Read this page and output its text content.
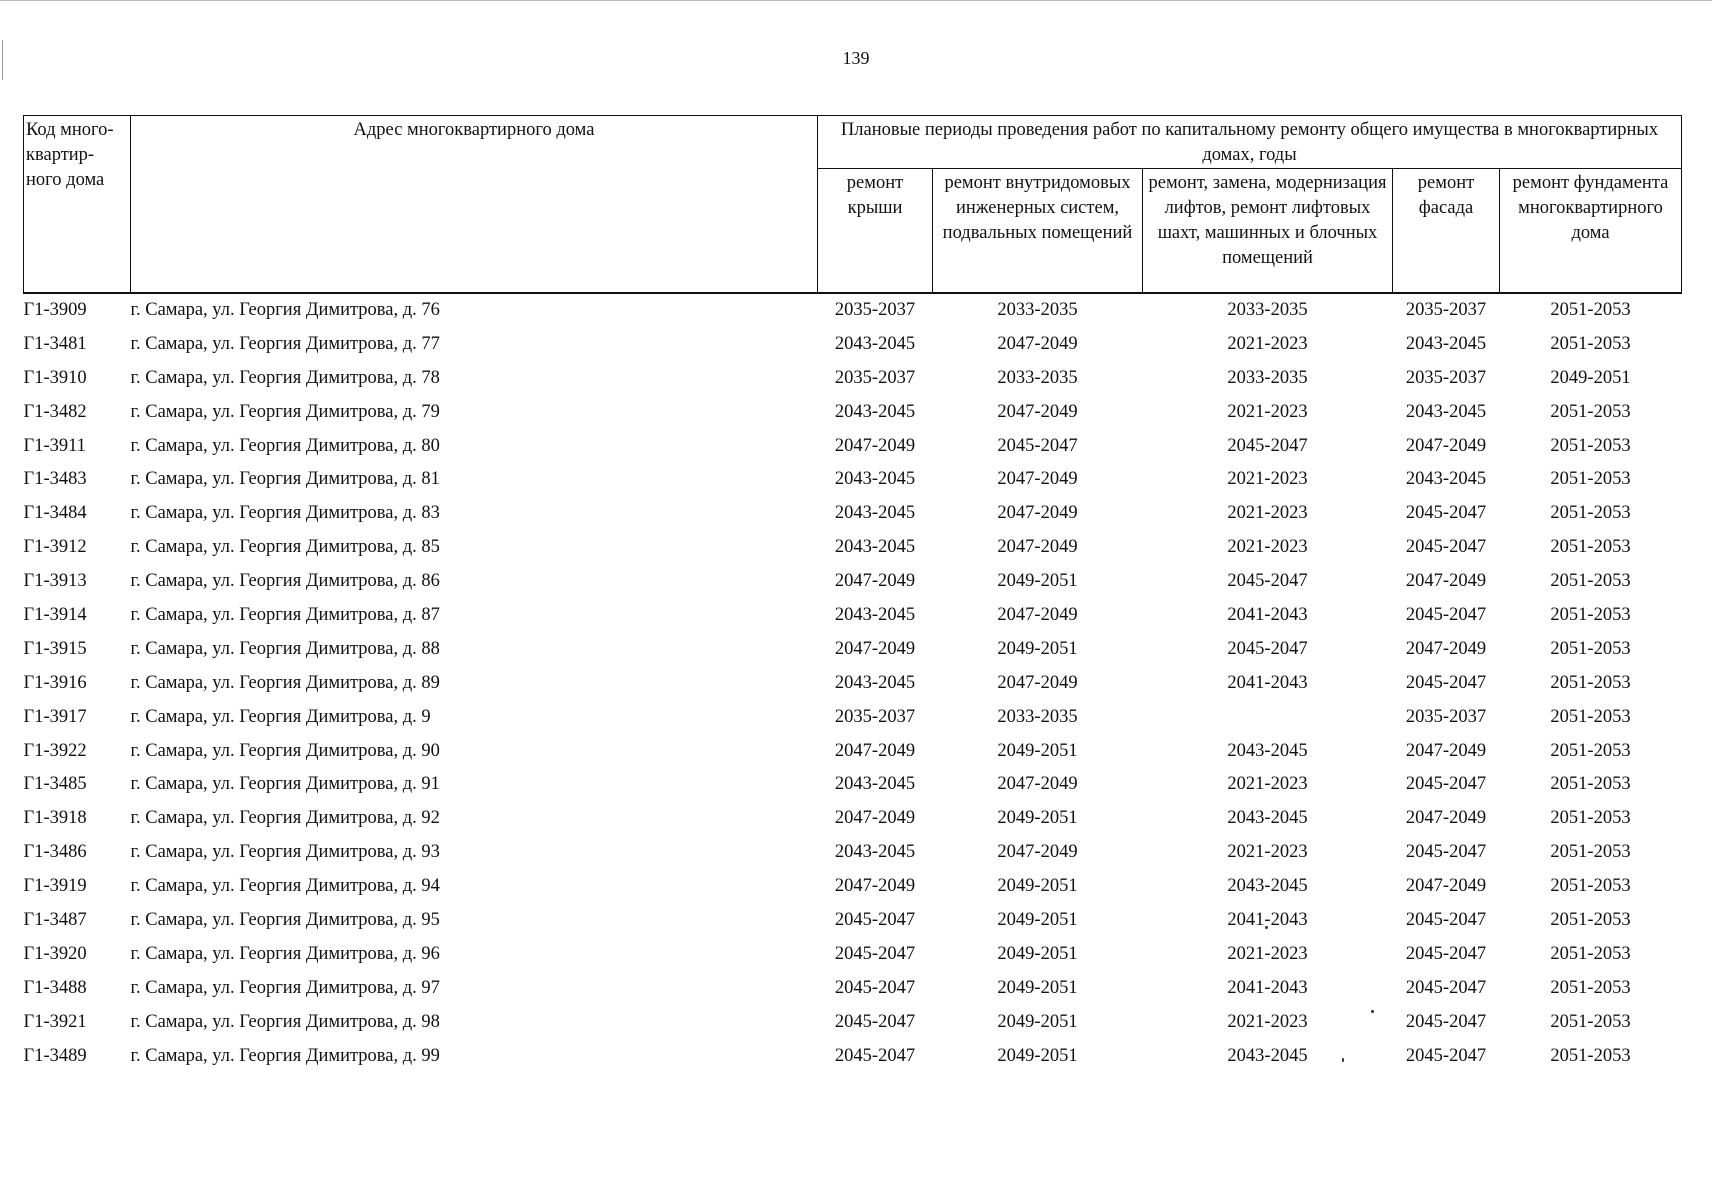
139
Код много-квартир-ного дома	Адрес многоквартирного дома	Плановые периоды проведения работ по капитальному ремонту общего имущества в многоквартирных домах, годы				
		ремонт крыши	ремонт внутридомовых инженерных систем, подвальных помещений	ремонт, замена, модернизация лифтов, ремонт лифтовых шахт, машинных и блочных помещений	ремонт фасада	ремонт фундамента многоквартирного дома
Г1-3909	г. Самара, ул. Георгия Димитрова, д. 76	2035-2037	2033-2035	2033-2035	2035-2037	2051-2053
Г1-3481	г. Самара, ул. Георгия Димитрова, д. 77	2043-2045	2047-2049	2021-2023	2043-2045	2051-2053
Г1-3910	г. Самара, ул. Георгия Димитрова, д. 78	2035-2037	2033-2035	2033-2035	2035-2037	2049-2051
Г1-3482	г. Самара, ул. Георгия Димитрова, д. 79	2043-2045	2047-2049	2021-2023	2043-2045	2051-2053
Г1-3911	г. Самара, ул. Георгия Димитрова, д. 80	2047-2049	2045-2047	2045-2047	2047-2049	2051-2053
Г1-3483	г. Самара, ул. Георгия Димитрова, д. 81	2043-2045	2047-2049	2021-2023	2043-2045	2051-2053
Г1-3484	г. Самара, ул. Георгия Димитрова, д. 83	2043-2045	2047-2049	2021-2023	2045-2047	2051-2053
Г1-3912	г. Самара, ул. Георгия Димитрова, д. 85	2043-2045	2047-2049	2021-2023	2045-2047	2051-2053
Г1-3913	г. Самара, ул. Георгия Димитрова, д. 86	2047-2049	2049-2051	2045-2047	2047-2049	2051-2053
Г1-3914	г. Самара, ул. Георгия Димитрова, д. 87	2043-2045	2047-2049	2041-2043	2045-2047	2051-2053
Г1-3915	г. Самара, ул. Георгия Димитрова, д. 88	2047-2049	2049-2051	2045-2047	2047-2049	2051-2053
Г1-3916	г. Самара, ул. Георгия Димитрова, д. 89	2043-2045	2047-2049	2041-2043	2045-2047	2051-2053
Г1-3917	г. Самара, ул. Георгия Димитрова, д. 9	2035-2037	2033-2035		2035-2037	2051-2053
Г1-3922	г. Самара, ул. Георгия Димитрова, д. 90	2047-2049	2049-2051	2043-2045	2047-2049	2051-2053
Г1-3485	г. Самара, ул. Георгия Димитрова, д. 91	2043-2045	2047-2049	2021-2023	2045-2047	2051-2053
Г1-3918	г. Самара, ул. Георгия Димитрова, д. 92	2047-2049	2049-2051	2043-2045	2047-2049	2051-2053
Г1-3486	г. Самара, ул. Георгия Димитрова, д. 93	2043-2045	2047-2049	2021-2023	2045-2047	2051-2053
Г1-3919	г. Самара, ул. Георгия Димитрова, д. 94	2047-2049	2049-2051	2043-2045	2047-2049	2051-2053
Г1-3487	г. Самара, ул. Георгия Димитрова, д. 95	2045-2047	2049-2051	2041-2043	2045-2047	2051-2053
Г1-3920	г. Самара, ул. Георгия Димитрова, д. 96	2045-2047	2049-2051	2021-2023	2045-2047	2051-2053
Г1-3488	г. Самара, ул. Георгия Димитрова, д. 97	2045-2047	2049-2051	2041-2043	2045-2047	2051-2053
Г1-3921	г. Самара, ул. Георгия Димитрова, д. 98	2045-2047	2049-2051	2021-2023	2045-2047	2051-2053
Г1-3489	г. Самара, ул. Георгия Димитрова, д. 99	2045-2047	2049-2051	2043-2045	2045-2047	2051-2053
